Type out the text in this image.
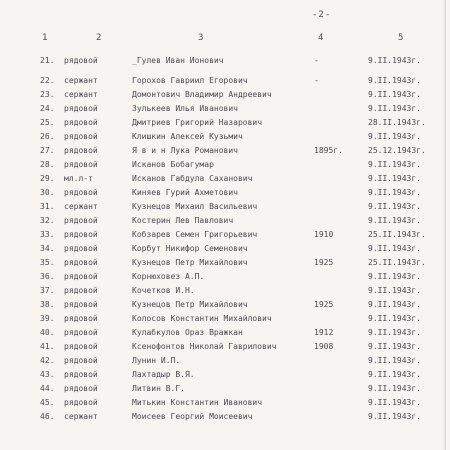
-2-
1	2	3	4	5
21. рядовой	_Гулев Иван Ионович	-	9.II.1943г.
22. сержант	Горохов Гавриил Егорович	-	9.II.1943г.
23. сержант	Домонтович Владимир Андреевич	9.II.1943г.
24. рядовой	Зулькеев Илья Иванович	9.II.1943г.
25. рядовой	Дмитриев Григорий Назарович	28.II.1943г.
26. рядовой	Клишкин Алексей Кузьмич	9.II.1943г.
27. рядовой	Я в и н Лука Романович	1895г.	25.12.1943г.
28. рядовой	Исканов Бобагумар	9.II.1943г.
29. мл.л-т	Исканов Габдула Саханович	9.II.1943г.
30. рядовой	Киняев Гурий Ахметович	9.II.1943г.
31. сержант	Кузнецов Михаил Васильевич	9.II.1943г.
32. рядовой	Костерин Лев Павлович	9.II.1943г.
33. рядовой	Кобзарев Семен Григорьевич	1910	25.II.1943г.
34. рядовой	Корбут Никифор Семенович	9.II.1943г.
35. рядовой	Кузнецов Петр Михайлович	1925	25.II.1943г.
36. рядовой	Корнюховез А.П.	9.II.1943г.
37. рядовой	Кочетков И.Н.	9.II.1943г.
38. рядовой	Кузнецов Петр Михайлович	1925	9.II.1943г.
39. рядовой	Колосов Константин Михайлович	9.II.1943г.
40. рядовой	Кулабкулов Ораз Вражкан	1912	9.II.1943г.
41. рядовой	Ксенофонтов Николай Гаврилович	1908	9.II.1943г.
42. рядовой	Лунин И.П.	9.II.1943г.
43. рядовой	Лахтадыр В.Я.	9.II.1943г.
44. рядовой	Литвин В.Г.	9.II.1943г.
45. рядовой	Митькин Константин Иванович	9.II.1943г.
46. сержант	Моисеев Георгий Моисеевич	9.II.1943г.
